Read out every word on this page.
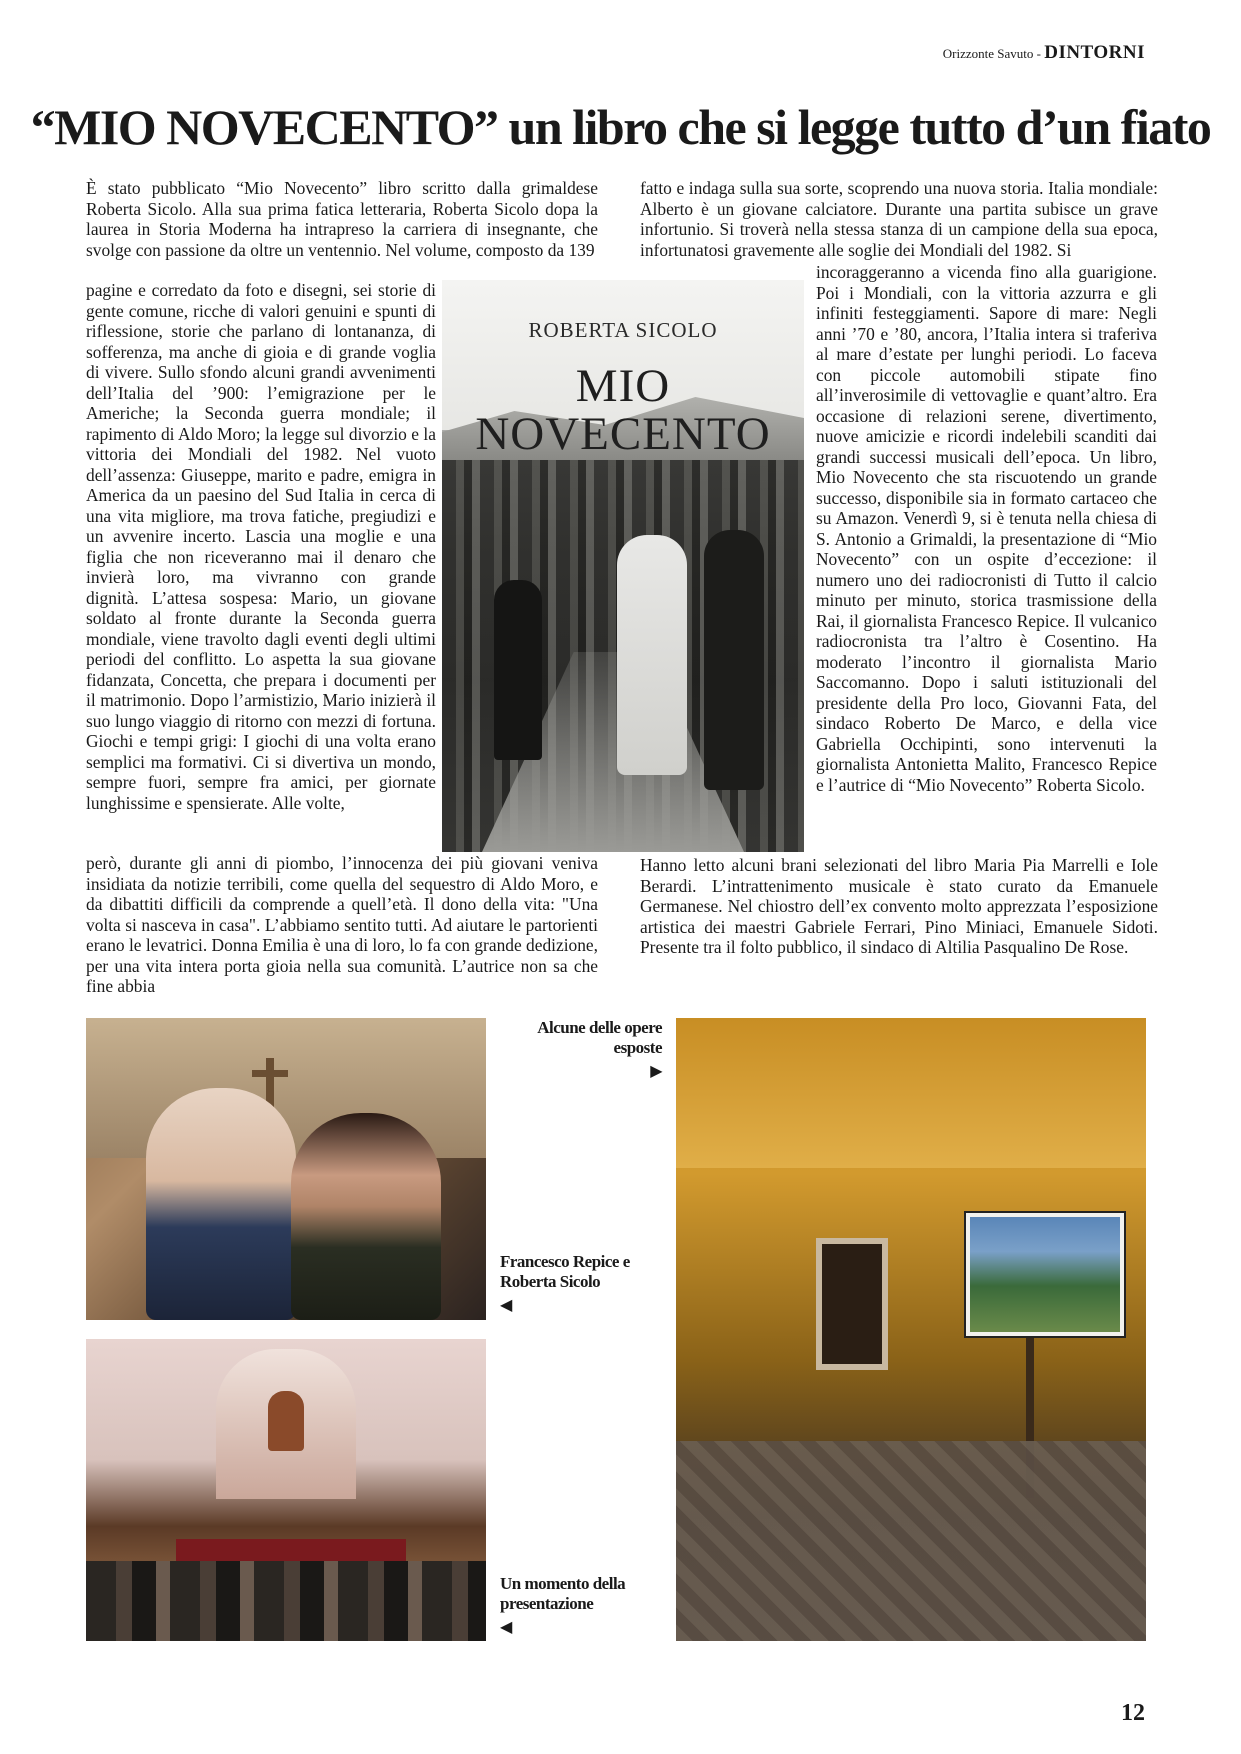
Orizzonte Savuto - DINTORNI
“MIO NOVECENTO” un libro che si legge tutto d’un fiato

È stato pubblicato “Mio Novecento” libro scritto dalla grimaldese Roberta Sicolo. Alla sua prima fatica letteraria, Roberta Sicolo dopa la laurea in Storia Moderna ha intrapreso la carriera di insegnante, che svolge con passione da oltre un ventennio. Nel volume, composto da 139

pagine e corredato da foto e disegni, sei storie di gente comune, ricche di valori genuini e spunti di riflessione, storie che parlano di lontananza, di sofferenza, ma anche di gioia e di grande voglia di vivere. Sullo sfondo alcuni grandi avvenimenti dell’Italia del ’900: l’emigrazione per le Americhe; la Seconda guerra mondiale; il rapimento di Aldo Moro; la legge sul divorzio e la vittoria dei Mondiali del 1982.􀂦Nel vuoto dell’assenza: Giuseppe, marito e padre, emigra in America da un paesino del Sud Italia in cerca di una vita migliore, ma trova fatiche, pregiudizi e un avvenire incerto. Lascia una moglie e una figlia che non riceveranno mai il denaro che invierà loro, ma vivranno con grande dignità.􀂦L’attesa sospesa: Mario, un giovane soldato al fronte durante la Seconda guerra mondiale, viene travolto dagli eventi degli ultimi periodi del conflitto. Lo aspetta la sua giovane fidanzata, Concetta, che prepara i documenti per il matrimonio. Dopo l’armistizio, Mario inizierà il suo lungo viaggio di ritorno con mezzi di fortuna. Giochi e tempi grigi: I giochi di una volta erano semplici ma formativi. Ci si divertiva un mondo, sempre fuori, sempre fra amici, per giornate lunghissime e spensierate. Alle volte,

però, durante gli anni di piombo, l’innocenza dei più giovani veniva insidiata da notizie terribili, come quella del sequestro di Aldo Moro, e da dibattiti difficili da comprende a quell’età. Il dono della vita: "Una volta si nasceva in casa". L’abbiamo sentito tutti. Ad aiutare le partorienti erano le levatrici. Donna Emilia è una di loro, lo fa con grande dedizione, per una vita intera porta gioia nella sua comunità. L’autrice non sa che fine abbia

fatto e indaga sulla sua sorte, scoprendo una nuova storia. Italia mondiale: Alberto è un giovane calciatore. Durante una partita subisce un grave infortunio. Si troverà nella stessa stanza di un campione della sua epoca, infortunatosi gravemente alle soglie dei Mondiali del 1982. Si

incoraggeranno a vicenda fino alla guarigione. Poi i Mondiali, con la vittoria azzurra e gli infiniti festeggiamenti. Sapore di mare: Negli anni ’70 e ’80, ancora, l’Italia intera si traferiva al mare d’estate per lunghi periodi. Lo faceva con piccole automobili stipate fino all’inverosimile di vettovaglie e quant’altro. Era occasione di relazioni serene, divertimento, nuove amicizie e ricordi indelebili scanditi dai grandi successi musicali dell’epoca. Un libro, Mio Novecento che sta riscuotendo un grande successo, disponibile sia in formato cartaceo che su Amazon. Venerdì 9, si è tenuta nella chiesa di S. Antonio a Grimaldi, la presentazione di “Mio Novecento” con un ospite d’eccezione: il numero uno dei radiocronisti di Tutto il calcio minuto per minuto, storica trasmissione della Rai, il giornalista Francesco Repice. Il vulcanico radiocronista tra l’altro è Cosentino. Ha moderato l’incontro il giornalista Mario Saccomanno. Dopo i saluti istituzionali del presidente della Pro loco, Giovanni Fata, del sindaco Roberto De Marco, e della vice Gabriella Occhipinti, sono intervenuti la giornalista Antonietta Malito, Francesco Repice e l’autrice di “Mio Novecento” Roberta Sicolo.

Hanno letto alcuni brani selezionati del libro Maria Pia Marrelli e Iole Berardi. L’intrattenimento musicale è stato curato da Emanuele Germanese. Nel chiostro dell’ex convento molto apprezzata l’esposizione artistica dei maestri Gabriele Ferrari, Pino Miniaci, Emanuele Sidoti. Presente tra il folto pubblico, il sindaco di Altilia Pasqualino De Rose.

ROBERTA SICOLO
MIO
NOVECENTO
Alcune delle opere esposte
▶
Francesco Repice e Roberta Sicolo
◀
Un momento della presentazione
◀
12
